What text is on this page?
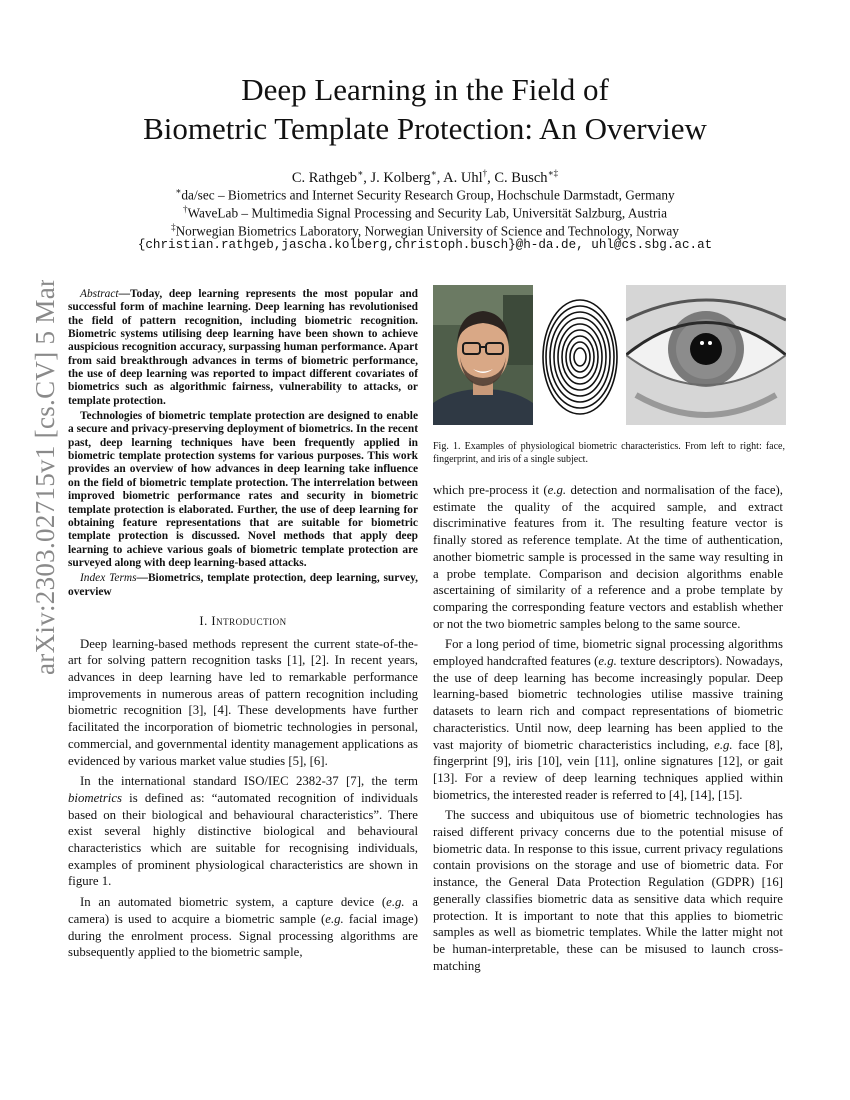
arXiv:2303.02715v1 [cs.CV] 5 Mar 2023
Deep Learning in the Field of
Biometric Template Protection: An Overview
C. Rathgeb∗, J. Kolberg∗, A. Uhl†, C. Busch∗‡
∗da/sec – Biometrics and Internet Security Research Group, Hochschule Darmstadt, Germany
†WaveLab – Multimedia Signal Processing and Security Lab, Universität Salzburg, Austria
‡Norwegian Biometrics Laboratory, Norwegian University of Science and Technology, Norway
{christian.rathgeb,jascha.kolberg,christoph.busch}@h-da.de, uhl@cs.sbg.ac.at

Abstract—Today, deep learning represents the most popular and successful form of machine learning. Deep learning has revolutionised the field of pattern recognition, including biometric recognition. Biometric systems utilising deep learning have been shown to achieve auspicious recognition accuracy, surpassing human performance. Apart from said breakthrough advances in terms of biometric performance, the use of deep learning was reported to impact different covariates of biometrics such as algorithmic fairness, vulnerability to attacks, or template protection.

Technologies of biometric template protection are designed to enable a secure and privacy-preserving deployment of biometrics. In the recent past, deep learning techniques have been frequently applied in biometric template protection systems for various purposes. This work provides an overview of how advances in deep learning take influence on the field of biometric template protection. The interrelation between improved biometric performance rates and security in biometric template protection is elaborated. Further, the use of deep learning for obtaining feature representations that are suitable for biometric template protection is discussed. Novel methods that apply deep learning to achieve various goals of biometric template protection are surveyed along with deep learning-based attacks.

Index Terms—Biometrics, template protection, deep learning, survey, overview

I. Introduction

Deep learning-based methods represent the current state-of-the-art for solving pattern recognition tasks [1], [2]. In recent years, advances in deep learning have led to remarkable performance improvements in numerous areas of pattern recognition including biometric recognition [3], [4]. These developments have further facilitated the incorporation of biometric technologies in personal, commercial, and governmental identity management applications as evidenced by various market value studies [5], [6].

In the international standard ISO/IEC 2382-37 [7], the term biometrics is defined as: “automated recognition of individuals based on their biological and behavioural characteristics”. There exist several highly distinctive biological and behavioural characteristics which are suitable for recognising individuals, examples of prominent physiological characteristics are shown in figure 1.

In an automated biometric system, a capture device (e.g. a camera) is used to acquire a biometric sample (e.g. facial image) during the enrolment process. Signal processing algorithms are subsequently applied to the biometric sample,

Fig. 1. Examples of physiological biometric characteristics. From left to right: face, fingerprint, and iris of a single subject.

which pre-process it (e.g. detection and normalisation of the face), estimate the quality of the acquired sample, and extract discriminative features from it. The resulting feature vector is finally stored as reference template. At the time of authentication, another biometric sample is processed in the same way resulting in a probe template. Comparison and decision algorithms enable ascertaining of similarity of a reference and a probe template by comparing the corresponding feature vectors and establish whether or not the two biometric samples belong to the same source.

For a long period of time, biometric signal processing algorithms employed handcrafted features (e.g. texture descriptors). Nowadays, the use of deep learning has become increasingly popular. Deep learning-based biometric technologies utilise massive training datasets to learn rich and compact representations of biometric characteristics. Until now, deep learning has been applied to the vast majority of biometric characteristics including, e.g. face [8], fingerprint [9], iris [10], vein [11], online signatures [12], or gait [13]. For a review of deep learning techniques applied within biometrics, the interested reader is referred to [4], [14], [15].

The success and ubiquitous use of biometric technologies has raised different privacy concerns due to the potential misuse of biometric data. In response to this issue, current privacy regulations contain provisions on the storage and use of biometric data. For instance, the General Data Protection Regulation (GDPR) [16] generally classifies biometric data as sensitive data which require protection. It is important to note that this applies to biometric samples as well as biometric templates. While the latter might not be human-interpretable, these can be misused to launch cross-matching
